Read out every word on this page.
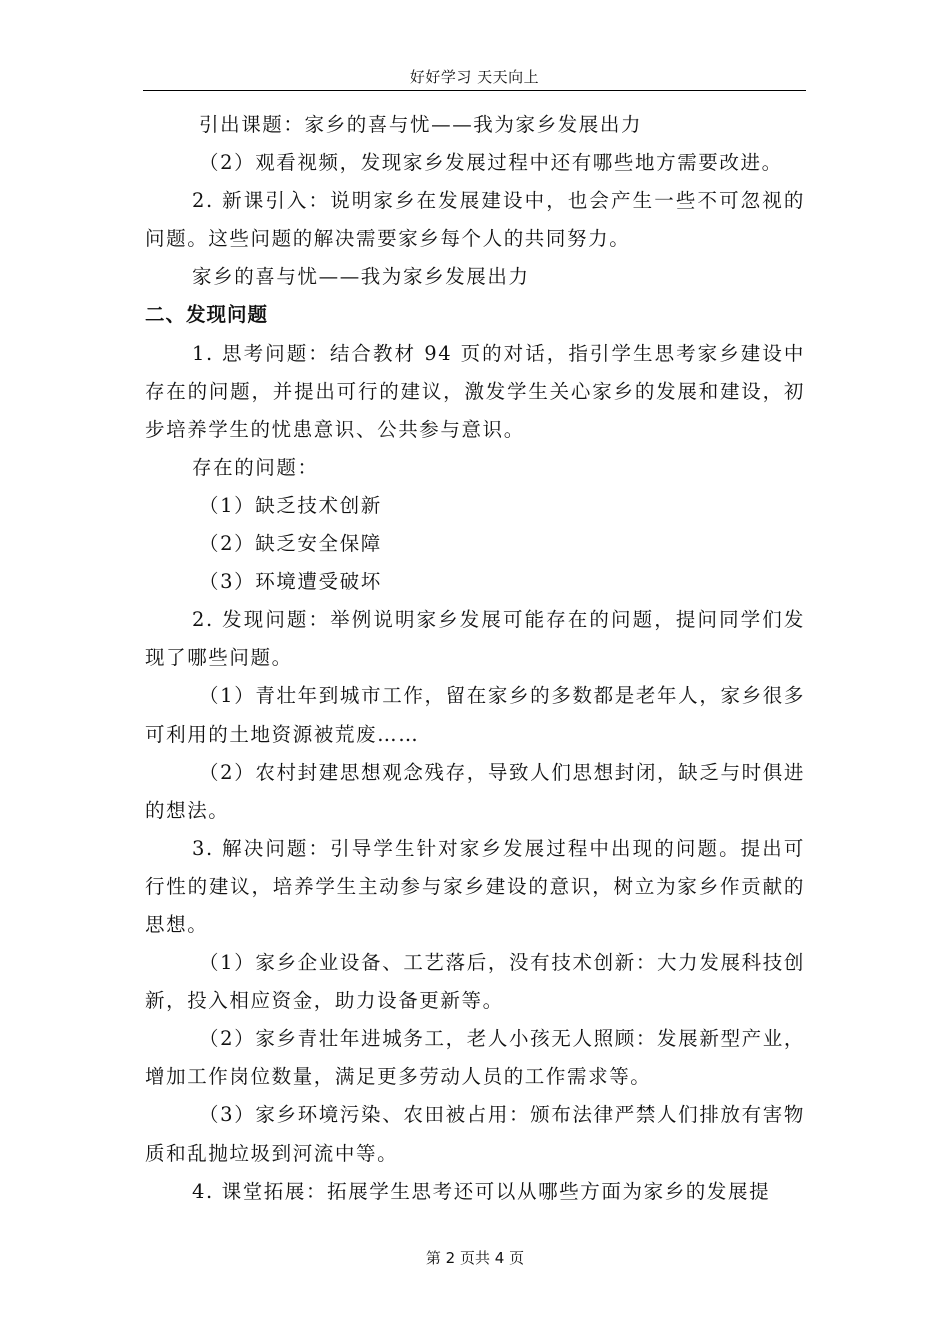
好好学习 天天向上

引出课题：家乡的喜与忧——我为家乡发展出力

（2）观看视频，发现家乡发展过程中还有哪些地方需要改进。

2. 新课引入：说明家乡在发展建设中，也会产生一些不可忽视的问题。这些问题的解决需要家乡每个人的共同努力。

家乡的喜与忧——我为家乡发展出力

二、发现问题

1. 思考问题：结合教材 94 页的对话，指引学生思考家乡建设中存在的问题，并提出可行的建议，激发学生关心家乡的发展和建设，初步培养学生的忧患意识、公共参与意识。

存在的问题：

（1）缺乏技术创新

（2）缺乏安全保障

（3）环境遭受破坏

2. 发现问题：举例说明家乡发展可能存在的问题，提问同学们发现了哪些问题。

（1）青壮年到城市工作，留在家乡的多数都是老年人，家乡很多可利用的土地资源被荒废……

（2）农村封建思想观念残存，导致人们思想封闭，缺乏与时俱进的想法。

3. 解决问题：引导学生针对家乡发展过程中出现的问题。提出可行性的建议，培养学生主动参与家乡建设的意识，树立为家乡作贡献的思想。

（1）家乡企业设备、工艺落后，没有技术创新：大力发展科技创新，投入相应资金，助力设备更新等。

（2）家乡青壮年进城务工，老人小孩无人照顾：发展新型产业，增加工作岗位数量，满足更多劳动人员的工作需求等。

（3）家乡环境污染、农田被占用：颁布法律严禁人们排放有害物质和乱抛垃圾到河流中等。

4. 课堂拓展：拓展学生思考还可以从哪些方面为家乡的发展提

第 2 页共 4 页
